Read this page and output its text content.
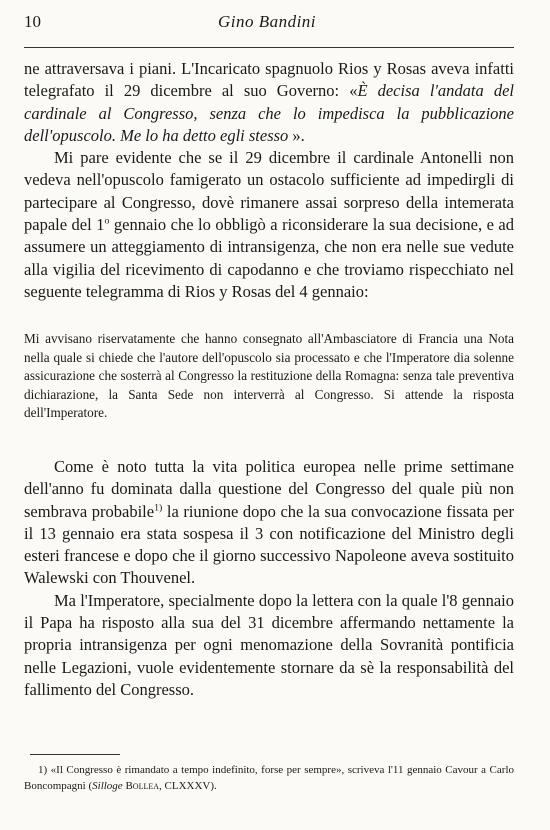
10	Gino Bandini

ne attraversava i piani. L'Incaricato spagnuolo Rios y Rosas aveva infatti telegrafato il 29 dicembre al suo Governo: «È decisa l'andata del cardinale al Congresso, senza che lo impedisca la pubblicazione dell'opuscolo. Me lo ha detto egli stesso ».

Mi pare evidente che se il 29 dicembre il cardinale Antonelli non vedeva nell'opuscolo famigerato un ostacolo sufficiente ad impedirgli di partecipare al Congresso, dovè rimanere assai sorpreso della intemerata papale del 1$^o$ gennaio che lo obbligò a riconsiderare la sua decisione, e ad assumere un atteggiamento di intransigenza, che non era nelle sue vedute alla vigilia del ricevimento di capodanno e che troviamo rispecchiato nel seguente telegramma di Rios y Rosas del 4 gennaio:

Mi avvisano riservatamente che hanno consegnato all'Ambasciatore di Francia una Nota nella quale si chiede che l'autore dell'opuscolo sia processato e che l'Imperatore dia solenne assicurazione che sosterrà al Congresso la restituzione della Romagna: senza tale preventiva dichiarazione, la Santa Sede non interverrà al Congresso. Si attende la risposta dell'Imperatore.

Come è noto tutta la vita politica europea nelle prime settimane dell'anno fu dominata dalla questione del Congresso del quale più non sembrava probabile$^{1)}$ la riunione dopo che la sua convocazione fissata per il 13 gennaio era stata sospesa il 3 con notificazione del Ministro degli esteri francese e dopo che il giorno successivo Napoleone aveva sostituito Walewski con Thouvenel.

Ma l'Imperatore, specialmente dopo la lettera con la quale l'8 gennaio il Papa ha risposto alla sua del 31 dicembre affermando nettamente la propria intransigenza per ogni menomazione della Sovranità pontificia nelle Legazioni, vuole evidentemente stornare da sè la responsabilità del fallimento del Congresso.

1) «Il Congresso è rimandato a tempo indefinito, forse per sempre», scriveva l'11 gennaio Cavour a Carlo Boncompagni (Silloge Bollea, CLXXXV).
